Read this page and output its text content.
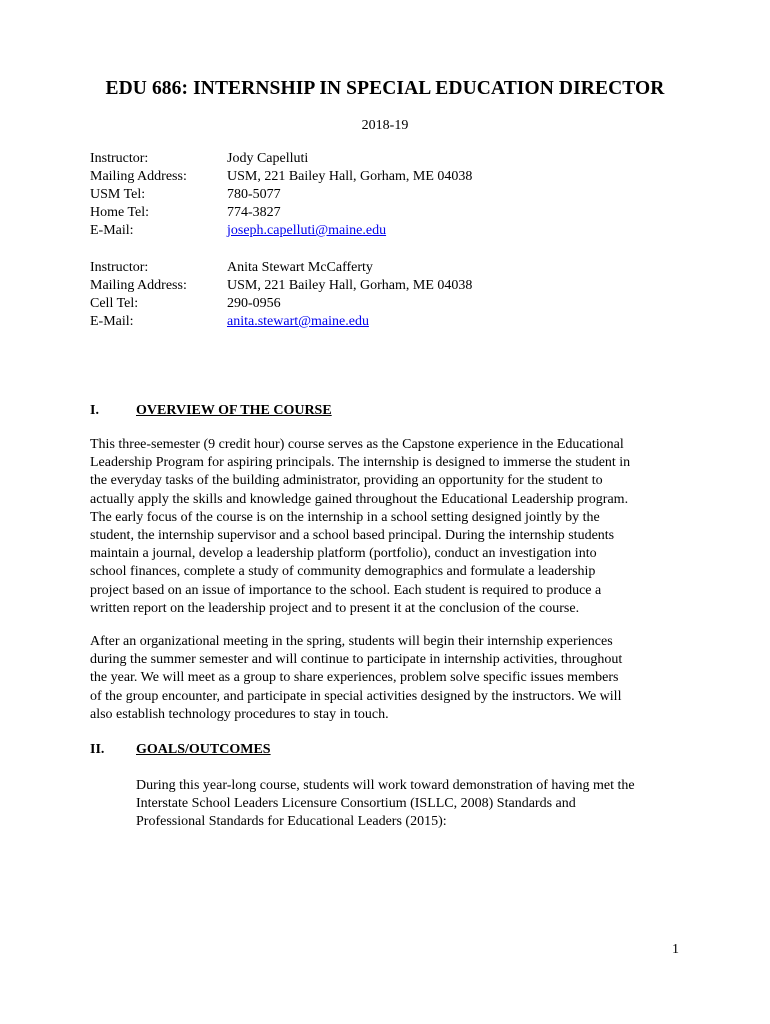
EDU 686: INTERNSHIP IN SPECIAL EDUCATION DIRECTOR
2018-19
Instructor:	Jody Capelluti
Mailing Address:	USM, 221 Bailey Hall, Gorham, ME 04038
USM Tel:	780-5077
Home Tel:	774-3827
E-Mail:	joseph.capelluti@maine.edu
Instructor:	Anita Stewart McCafferty
Mailing Address:	USM, 221 Bailey Hall, Gorham, ME 04038
Cell Tel:	290-0956
E-Mail:	anita.stewart@maine.edu
I.	OVERVIEW OF THE COURSE
This three-semester (9 credit hour) course serves as the Capstone experience in the Educational
Leadership Program for aspiring principals. The internship is designed to immerse the student in
the everyday tasks of the building administrator, providing an opportunity for the student to
actually apply the skills and knowledge gained throughout the Educational Leadership program.
The early focus of the course is on the internship in a school setting designed jointly by the
student, the internship supervisor and a school based principal. During the internship students
maintain a journal, develop a leadership platform (portfolio), conduct an investigation into
school finances, complete a study of community demographics and formulate a leadership
project based on an issue of importance to the school. Each student is required to produce a
written report on the leadership project and to present it at the conclusion of the course.
After an organizational meeting in the spring, students will begin their internship experiences
during the summer semester and will continue to participate in internship activities, throughout
the year. We will meet as a group to share experiences, problem solve specific issues members
of the group encounter, and participate in special activities designed by the instructors. We will
also establish technology procedures to stay in touch.
II.	GOALS/OUTCOMES
During this year-long course, students will work toward demonstration of having met the
Interstate School Leaders Licensure Consortium (ISLLC, 2008) Standards and
Professional Standards for Educational Leaders (2015):
1
